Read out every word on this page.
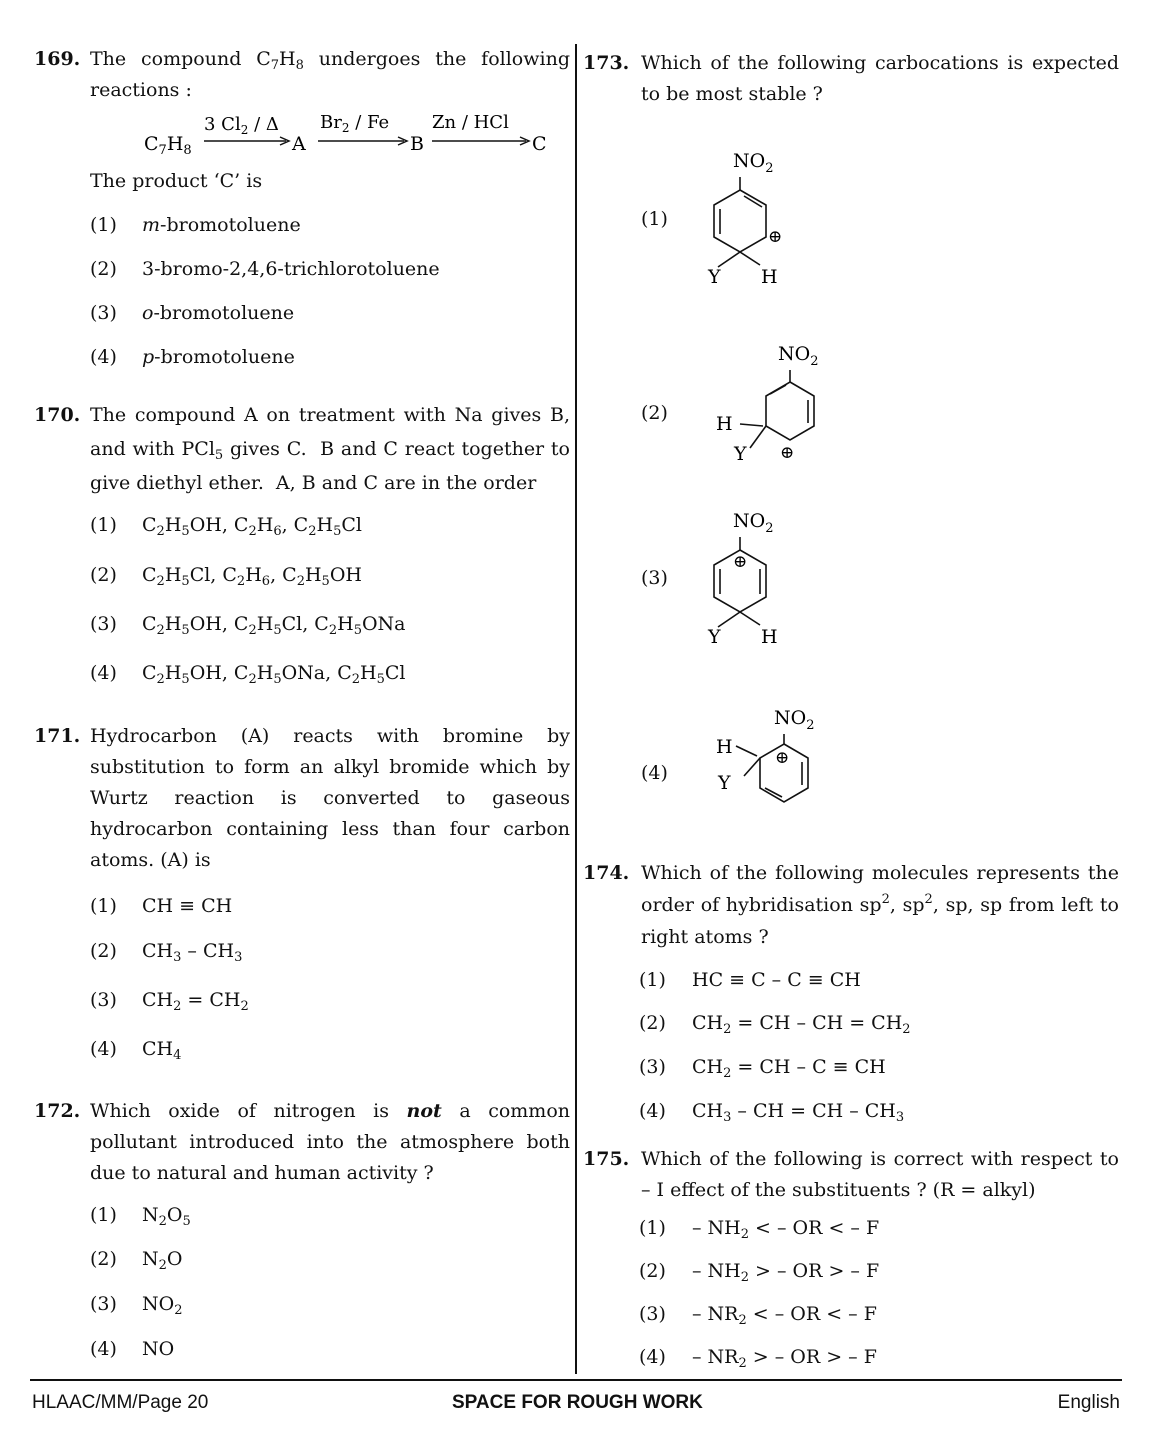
169. The compound $C_7H_8$ undergoes the following
reactions :
$C_7H_8$
3 $Cl_2$ / Δ
A
$Br_2$ / Fe
B
Zn / HCl
C
The product ‘C’ is
(1) m-bromotoluene
(2) 3-bromo-2,4,6-trichlorotoluene
(3) o-bromotoluene
(4) p-bromotoluene
170. The compound A on treatment with Na gives B, and with PCl$_5$ gives C.  B and C react together to give diethyl ether.  A, B and C are in the order
(1) $C_2H_5OH$, $C_2H_6$, $C_2H_5Cl$
(2) $C_2H_5Cl$, $C_2H_6$, $C_2H_5OH$
(3) $C_2H_5OH$, $C_2H_5Cl$, $C_2H_5ONa$
(4) $C_2H_5OH$, $C_2H_5ONa$, $C_2H_5Cl$
171. Hydrocarbon (A) reacts with bromine by substitution to form an alkyl bromide which by Wurtz reaction is converted to gaseous hydrocarbon containing less than four carbon atoms. (A) is
(1) CH ≡ CH
(2) $CH_3 - CH_3$
(3) $CH_2 = CH_2$
(4) $CH_4$
172. Which oxide of nitrogen is not a common pollutant introduced into the atmosphere both due to natural and human activity ?
(1) $N_2O_5$
(2) $N_2O$
(3) $NO_2$
(4) NO
173. Which of the following carbocations is expected to be most stable ?
(1)
$NO_2$
⊕
Y H
(2)
$NO_2$
H
Y ⊕
(3)
$NO_2$
⊕
Y H
(4)
$NO_2$
H
Y
⊕
174. Which of the following molecules represents the order of hybridisation $sp^2$, $sp^2$, sp, sp from left to right atoms ?
(1) HC ≡ C – C ≡ CH
(2) $CH_2$ = CH – CH = $CH_2$
(3) $CH_2$ = CH – C ≡ CH
(4) $CH_3$ – CH = CH – $CH_3$
175. Which of the following is correct with respect to – I effect of the substituents ? (R = alkyl)
$(1) - NH_2$ < – OR < – F
$(2) - NH_2$ > – OR > – F
$(3) - NR_2$ < – OR < – F
$(4) - NR_2$ > – OR > – F
HLAAC/MM/Page 20	SPACE FOR ROUGH WORK	English
